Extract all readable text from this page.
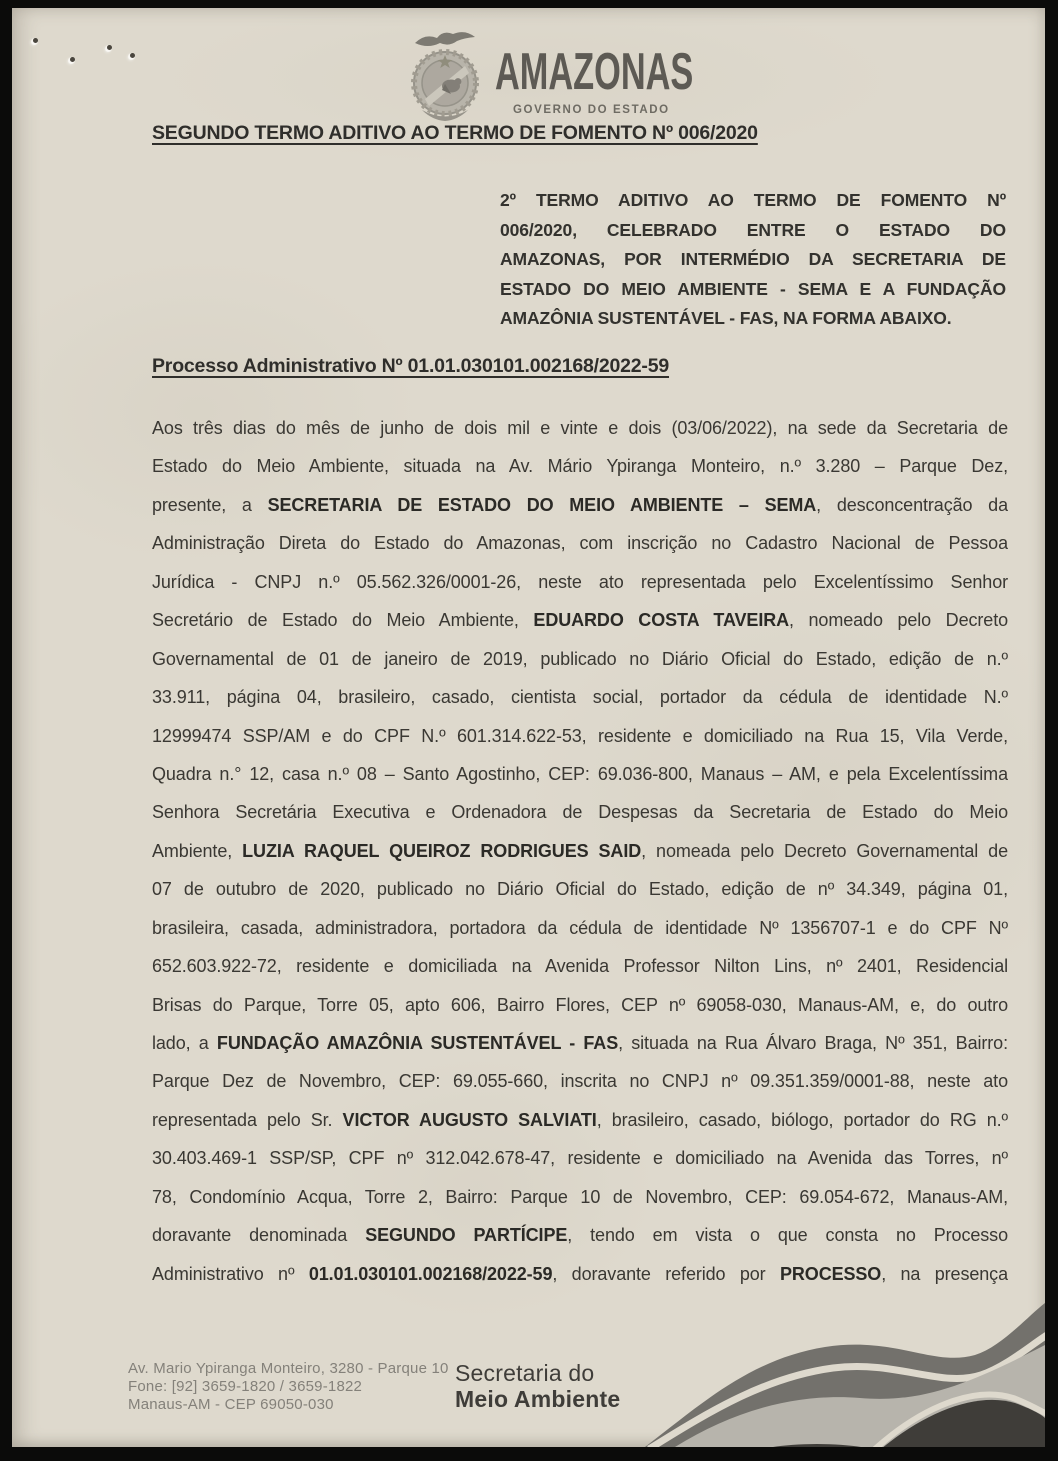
AMAZONAS
GOVERNO DO ESTADO
SEGUNDO TERMO ADITIVO AO TERMO DE FOMENTO Nº 006/2020
2º TERMO ADITIVO AO TERMO DE FOMENTO Nº
006/2020, CELEBRADO ENTRE O ESTADO DO
AMAZONAS, POR INTERMÉDIO DA SECRETARIA DE
ESTADO DO MEIO AMBIENTE - SEMA E A FUNDAÇÃO
AMAZÔNIA SUSTENTÁVEL - FAS, NA FORMA ABAIXO.
Processo Administrativo Nº 01.01.030101.002168/2022-59
Aos três dias do mês de junho de dois mil e vinte e dois (03/06/2022), na sede da Secretaria de
Estado do Meio Ambiente, situada na Av. Mário Ypiranga Monteiro, n.º 3.280 – Parque Dez,
presente, a SECRETARIA DE ESTADO DO MEIO AMBIENTE – SEMA, desconcentração da
Administração Direta do Estado do Amazonas, com inscrição no Cadastro Nacional de Pessoa
Jurídica - CNPJ n.º 05.562.326/0001-26, neste ato representada pelo Excelentíssimo Senhor
Secretário de Estado do Meio Ambiente, EDUARDO COSTA TAVEIRA, nomeado pelo Decreto
Governamental de 01 de janeiro de 2019, publicado no Diário Oficial do Estado, edição de n.º
33.911, página 04, brasileiro, casado, cientista social, portador da cédula de identidade N.º
12999474 SSP/AM e do CPF N.º 601.314.622-53, residente e domiciliado na Rua 15, Vila Verde,
Quadra n.° 12, casa n.º 08 – Santo Agostinho, CEP: 69.036-800, Manaus – AM, e pela Excelentíssima
Senhora Secretária Executiva e Ordenadora de Despesas da Secretaria de Estado do Meio
Ambiente, LUZIA RAQUEL QUEIROZ RODRIGUES SAID, nomeada pelo Decreto Governamental de
07 de outubro de 2020, publicado no Diário Oficial do Estado, edição de nº 34.349, página 01,
brasileira, casada, administradora, portadora da cédula de identidade Nº 1356707-1 e do CPF Nº
652.603.922-72, residente e domiciliada na Avenida Professor Nilton Lins, nº 2401, Residencial
Brisas do Parque, Torre 05, apto 606, Bairro Flores, CEP nº 69058-030, Manaus-AM, e, do outro
lado, a FUNDAÇÃO AMAZÔNIA SUSTENTÁVEL - FAS, situada na Rua Álvaro Braga, Nº 351, Bairro:
Parque Dez de Novembro, CEP: 69.055-660, inscrita no CNPJ nº 09.351.359/0001-88, neste ato
representada pelo Sr. VICTOR AUGUSTO SALVIATI, brasileiro, casado, biólogo, portador do RG n.º
30.403.469-1 SSP/SP, CPF nº 312.042.678-47, residente e domiciliado na Avenida das Torres, nº
78, Condomínio Acqua, Torre 2, Bairro: Parque 10 de Novembro, CEP: 69.054-672, Manaus-AM,
doravante denominada SEGUNDO PARTÍCIPE, tendo em vista o que consta no Processo
Administrativo nº 01.01.030101.002168/2022-59, doravante referido por PROCESSO, na presença
Av. Mario Ypiranga Monteiro, 3280 - Parque 10
Fone: [92] 3659-1820 / 3659-1822
Manaus-AM - CEP 69050-030
Secretaria do
Meio Ambiente
